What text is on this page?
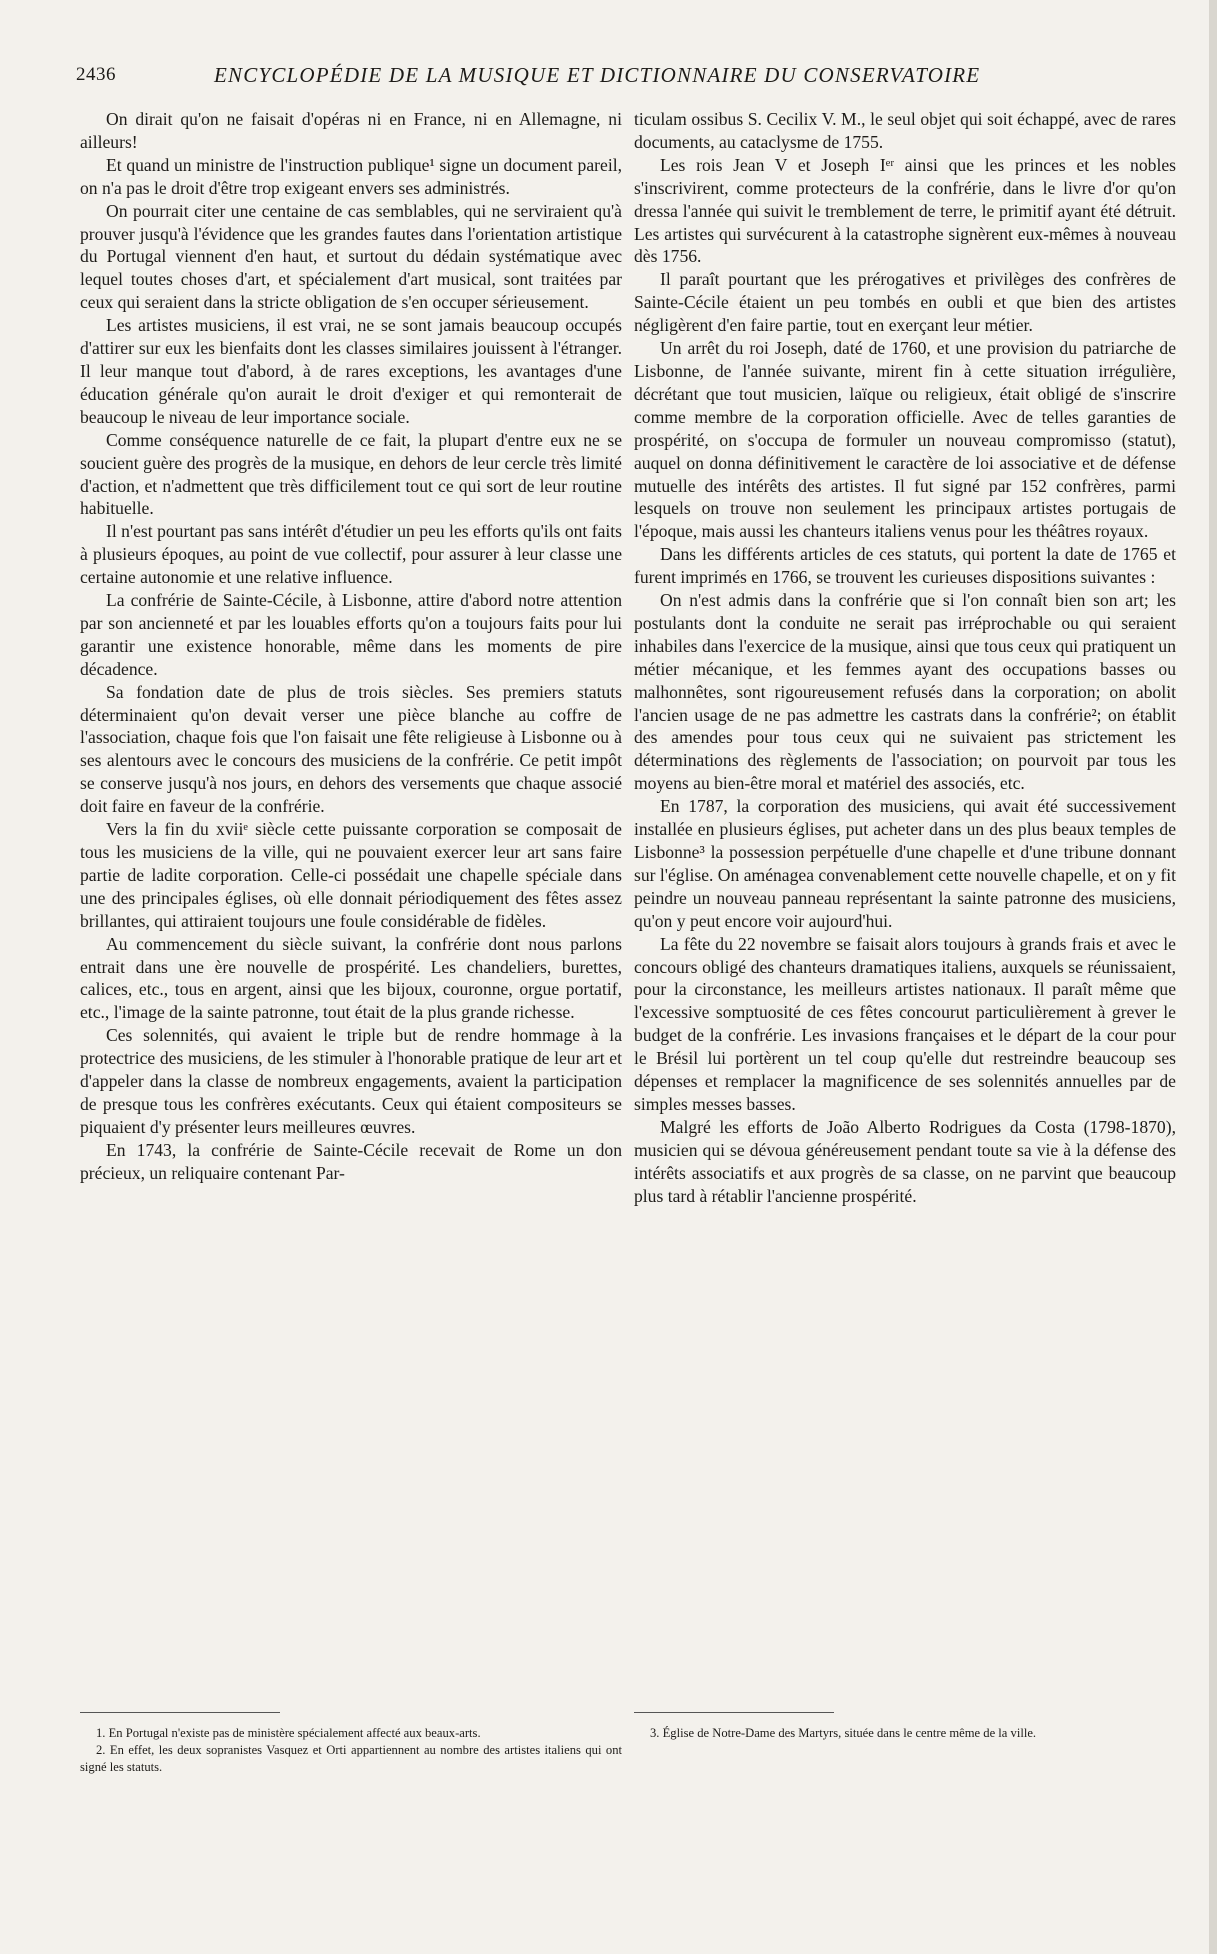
2436	ENCYCLOPÉDIE DE LA MUSIQUE ET DICTIONNAIRE DU CONSERVATOIRE

On dirait qu'on ne faisait d'opéras ni en France, ni en Allemagne, ni ailleurs!

Et quand un ministre de l'instruction publique¹ signe un document pareil, on n'a pas le droit d'être trop exigeant envers ses administrés.

On pourrait citer une centaine de cas semblables, qui ne serviraient qu'à prouver jusqu'à l'évidence que les grandes fautes dans l'orientation artistique du Portugal viennent d'en haut, et surtout du dédain systématique avec lequel toutes choses d'art, et spécialement d'art musical, sont traitées par ceux qui seraient dans la stricte obligation de s'en occuper sérieusement.

Les artistes musiciens, il est vrai, ne se sont jamais beaucoup occupés d'attirer sur eux les bienfaits dont les classes similaires jouissent à l'étranger. Il leur manque tout d'abord, à de rares exceptions, les avantages d'une éducation générale qu'on aurait le droit d'exiger et qui remonterait de beaucoup le niveau de leur importance sociale.

Comme conséquence naturelle de ce fait, la plupart d'entre eux ne se soucient guère des progrès de la musique, en dehors de leur cercle très limité d'action, et n'admettent que très difficilement tout ce qui sort de leur routine habituelle.

Il n'est pourtant pas sans intérêt d'étudier un peu les efforts qu'ils ont faits à plusieurs époques, au point de vue collectif, pour assurer à leur classe une certaine autonomie et une relative influence.

La confrérie de Sainte-Cécile, à Lisbonne, attire d'abord notre attention par son ancienneté et par les louables efforts qu'on a toujours faits pour lui garantir une existence honorable, même dans les moments de pire décadence.

Sa fondation date de plus de trois siècles. Ses premiers statuts déterminaient qu'on devait verser une pièce blanche au coffre de l'association, chaque fois que l'on faisait une fête religieuse à Lisbonne ou à ses alentours avec le concours des musiciens de la confrérie. Ce petit impôt se conserve jusqu'à nos jours, en dehors des versements que chaque associé doit faire en faveur de la confrérie.

Vers la fin du xviiᵉ siècle cette puissante corporation se composait de tous les musiciens de la ville, qui ne pouvaient exercer leur art sans faire partie de ladite corporation. Celle-ci possédait une chapelle spéciale dans une des principales églises, où elle donnait périodiquement des fêtes assez brillantes, qui attiraient toujours une foule considérable de fidèles.

Au commencement du siècle suivant, la confrérie dont nous parlons entrait dans une ère nouvelle de prospérité. Les chandeliers, burettes, calices, etc., tous en argent, ainsi que les bijoux, couronne, orgue portatif, etc., l'image de la sainte patronne, tout était de la plus grande richesse.

Ces solennités, qui avaient le triple but de rendre hommage à la protectrice des musiciens, de les stimuler à l'honorable pratique de leur art et d'appeler dans la classe de nombreux engagements, avaient la participation de presque tous les confrères exécutants. Ceux qui étaient compositeurs se piquaient d'y présenter leurs meilleures œuvres.

En 1743, la confrérie de Sainte-Cécile recevait de Rome un don précieux, un reliquaire contenant Par-

ticulam ossibus S. Cecilix V. M., le seul objet qui soit échappé, avec de rares documents, au cataclysme de 1755.

Les rois Jean V et Joseph Iᵉʳ ainsi que les princes et les nobles s'inscrivirent, comme protecteurs de la confrérie, dans le livre d'or qu'on dressa l'année qui suivit le tremblement de terre, le primitif ayant été détruit. Les artistes qui survécurent à la catastrophe signèrent eux-mêmes à nouveau dès 1756.

Il paraît pourtant que les prérogatives et privilèges des confrères de Sainte-Cécile étaient un peu tombés en oubli et que bien des artistes négligèrent d'en faire partie, tout en exerçant leur métier.

Un arrêt du roi Joseph, daté de 1760, et une provision du patriarche de Lisbonne, de l'année suivante, mirent fin à cette situation irrégulière, décrétant que tout musicien, laïque ou religieux, était obligé de s'inscrire comme membre de la corporation officielle. Avec de telles garanties de prospérité, on s'occupa de formuler un nouveau compromisso (statut), auquel on donna définitivement le caractère de loi associative et de défense mutuelle des intérêts des artistes. Il fut signé par 152 confrères, parmi lesquels on trouve non seulement les principaux artistes portugais de l'époque, mais aussi les chanteurs italiens venus pour les théâtres royaux.

Dans les différents articles de ces statuts, qui portent la date de 1765 et furent imprimés en 1766, se trouvent les curieuses dispositions suivantes :

On n'est admis dans la confrérie que si l'on connaît bien son art; les postulants dont la conduite ne serait pas irréprochable ou qui seraient inhabiles dans l'exercice de la musique, ainsi que tous ceux qui pratiquent un métier mécanique, et les femmes ayant des occupations basses ou malhonnêtes, sont rigoureusement refusés dans la corporation; on abolit l'ancien usage de ne pas admettre les castrats dans la confrérie²; on établit des amendes pour tous ceux qui ne suivaient pas strictement les déterminations des règlements de l'association; on pourvoit par tous les moyens au bien-être moral et matériel des associés, etc.

En 1787, la corporation des musiciens, qui avait été successivement installée en plusieurs églises, put acheter dans un des plus beaux temples de Lisbonne³ la possession perpétuelle d'une chapelle et d'une tribune donnant sur l'église. On aménagea convenablement cette nouvelle chapelle, et on y fit peindre un nouveau panneau représentant la sainte patronne des musiciens, qu'on y peut encore voir aujourd'hui.

La fête du 22 novembre se faisait alors toujours à grands frais et avec le concours obligé des chanteurs dramatiques italiens, auxquels se réunissaient, pour la circonstance, les meilleurs artistes nationaux. Il paraît même que l'excessive somptuosité de ces fêtes concourut particulièrement à grever le budget de la confrérie. Les invasions françaises et le départ de la cour pour le Brésil lui portèrent un tel coup qu'elle dut restreindre beaucoup ses dépenses et remplacer la magnificence de ses solennités annuelles par de simples messes basses.

Malgré les efforts de João Alberto Rodrigues da Costa (1798-1870), musicien qui se dévoua généreusement pendant toute sa vie à la défense des intérêts associatifs et aux progrès de sa classe, on ne parvint que beaucoup plus tard à rétablir l'ancienne prospérité.

1. En Portugal n'existe pas de ministère spécialement affecté aux beaux-arts.

2. En effet, les deux sopranistes Vasquez et Orti appartiennent au nombre des artistes italiens qui ont signé les statuts.

3. Église de Notre-Dame des Martyrs, située dans le centre même de la ville.
